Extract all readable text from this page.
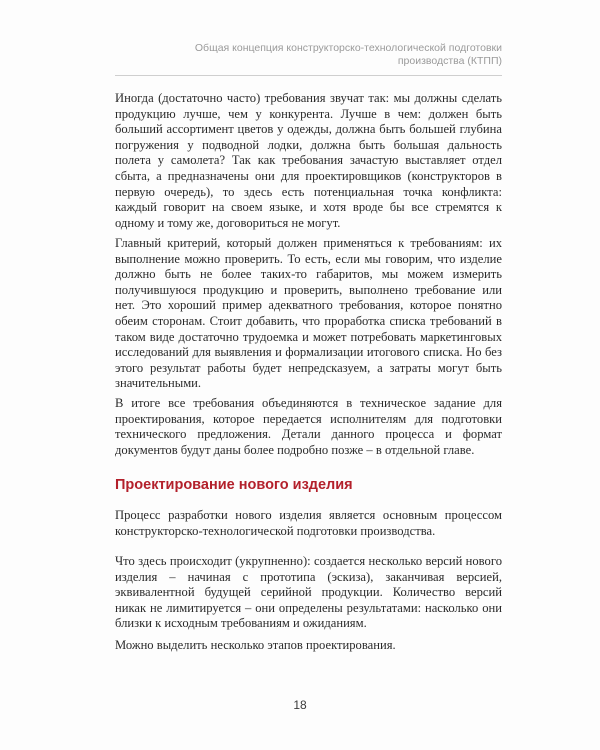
Общая концепция конструкторско-технологической подготовки производства (КТПП)

Иногда (достаточно часто) требования звучат так: мы должны сделать продукцию лучше, чем у конкурента. Лучше в чем: должен быть больший ассортимент цветов у одежды, должна быть большей глубина погружения у подводной лодки, должна быть большая дальность полета у самолета? Так как требования зачастую выставляет отдел сбыта, а предназначены они для проектировщиков (конструкторов в первую очередь), то здесь есть потенциальная точка конфликта: каждый говорит на своем языке, и хотя вроде бы все стремятся к одному и тому же, договориться не могут.

Главный критерий, который должен применяться к требованиям: их выполнение можно проверить. То есть, если мы говорим, что изделие должно быть не более таких-то габаритов, мы можем измерить получившуюся продукцию и проверить, выполнено требование или нет. Это хороший пример адекватного требования, которое понятно обеим сторонам. Стоит добавить, что проработка списка требований в таком виде достаточно трудоемка и может потребовать маркетинговых исследований для выявления и формализации итогового списка. Но без этого результат работы будет непредсказуем, а затраты могут быть значительными.

В итоге все требования объединяются в техническое задание для проектирования, которое передается исполнителям для подготовки технического предложения. Детали данного процесса и формат документов будут даны более подробно позже – в отдельной главе.

Проектирование нового изделия

Процесс разработки нового изделия является основным процессом конструкторско-технологической подготовки производства.

Что здесь происходит (укрупненно): создается несколько версий нового изделия – начиная с прототипа (эскиза), заканчивая версией, эквивалентной будущей серийной продукции. Количество версий никак не лимитируется – они определены результатами: насколько они близки к исходным требованиям и ожиданиям.

Можно выделить несколько этапов проектирования.

18
